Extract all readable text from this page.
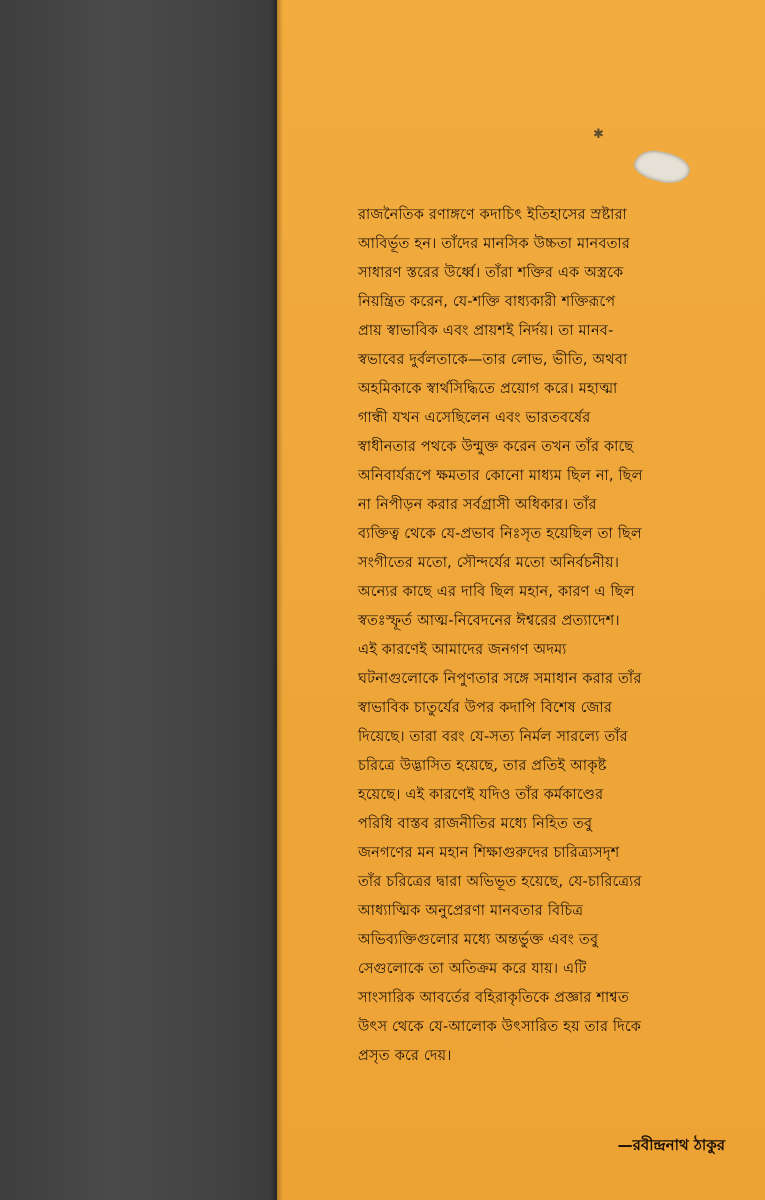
✱
রাজনৈতিক রণাঙ্গণে কদাচিৎ ইতিহাসের স্রষ্টারা
আবির্ভূত হন। তাঁদের মানসিক উচ্চতা মানবতার
সাধারণ স্তরের উর্ধ্বে। তাঁরা শক্তির এক অস্ত্রকে
নিয়ন্ত্রিত করেন, যে-শক্তি বাধ্যকারী শক্তিরূপে
প্রায় স্বাভাবিক এবং প্রায়শই নির্দয়। তা মানব-
স্বভাবের দুর্বলতাকে—তার লোভ, ভীতি, অথবা
অহমিকাকে স্বার্থসিদ্ধিতে প্রয়োগ করে। মহাত্মা
গান্ধী যখন এসেছিলেন এবং ভারতবর্ষের
স্বাধীনতার পথকে উন্মুক্ত করেন তখন তাঁর কাছে
অনিবার্যরূপে ক্ষমতার কোনো মাধ্যম ছিল না, ছিল
না নিপীড়ন করার সর্বগ্রাসী অধিকার। তাঁর
ব্যক্তিত্ব থেকে যে-প্রভাব নিঃসৃত হয়েছিল তা ছিল
সংগীতের মতো, সৌন্দর্যের মতো অনির্বচনীয়।
অন্যের কাছে এর দাবি ছিল মহান, কারণ এ ছিল
স্বতঃস্ফূর্ত আত্ম-নিবেদনের ঈশ্বরের প্রত্যাদেশ।
এই কারণেই আমাদের জনগণ অদম্য
ঘটনাগুলোকে নিপুণতার সঙ্গে সমাধান করার তাঁর
স্বাভাবিক চাতুর্যের উপর কদাপি বিশেষ জোর
দিয়েছে। তারা বরং যে-সত্য নির্মল সারল্যে তাঁর
চরিত্রে উদ্ভাসিত হয়েছে, তার প্রতিই আকৃষ্ট
হয়েছে। এই কারণেই যদিও তাঁর কর্মকাণ্ডের
পরিধি বাস্তব রাজনীতির মধ্যে নিহিত তবু
জনগণের মন মহান শিক্ষাগুরুদের চারিত্র্যসদৃশ
তাঁর চরিত্রের দ্বারা অভিভূত হয়েছে, যে-চারিত্র্যের
আধ্যাত্মিক অনুপ্রেরণা মানবতার বিচিত্র
অভিব্যক্তিগুলোর মধ্যে অন্তর্ভুক্ত এবং তবু
সেগুলোকে তা অতিক্রম করে যায়। এটি
সাংসারিক আবর্তের বহিরাকৃতিকে প্রজ্ঞার শাশ্বত
উৎস থেকে যে-আলোক উৎসারিত হয় তার দিকে
প্রসৃত করে দেয়।
—রবীন্দ্রনাথ ঠাকুর
